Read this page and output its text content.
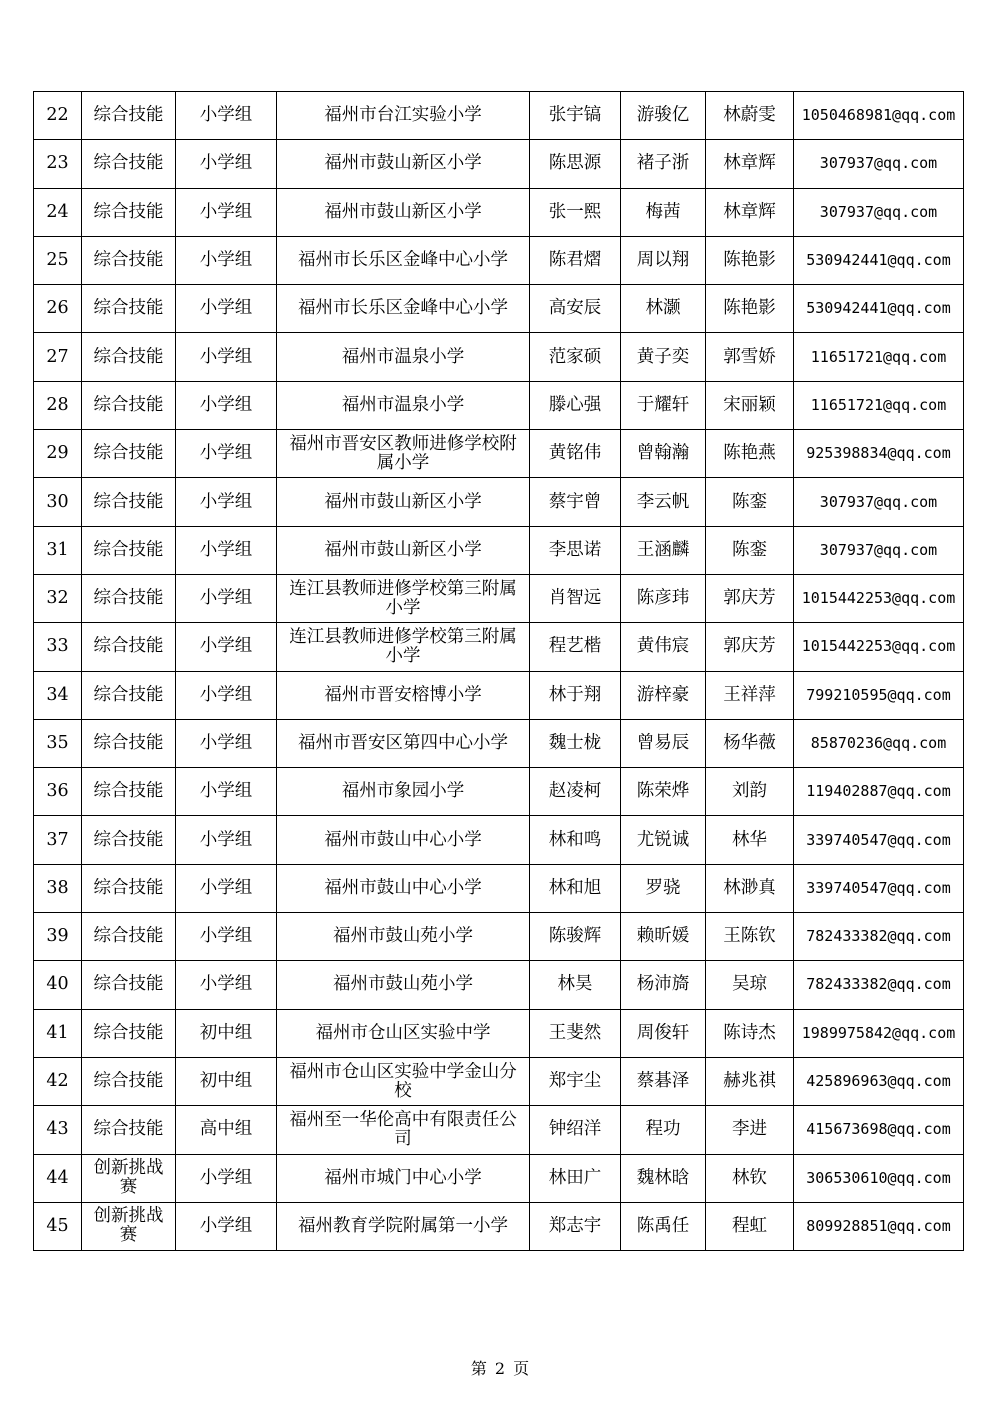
22	综合技能	小学组	福州市台江实验小学	张宇镐	游骏亿	林蔚雯	1050468981@qq.com
23	综合技能	小学组	福州市鼓山新区小学	陈思源	褚子浙	林章辉	307937@qq.com
24	综合技能	小学组	福州市鼓山新区小学	张一熙	梅茜	林章辉	307937@qq.com
25	综合技能	小学组	福州市长乐区金峰中心小学	陈君熠	周以翔	陈艳影	530942441@qq.com
26	综合技能	小学组	福州市长乐区金峰中心小学	高安辰	林灏	陈艳影	530942441@qq.com
27	综合技能	小学组	福州市温泉小学	范家硕	黄子奕	郭雪娇	11651721@qq.com
28	综合技能	小学组	福州市温泉小学	滕心强	于耀轩	宋丽颖	11651721@qq.com
29	综合技能	小学组	福州市晋安区教师进修学校附属小学	黄铭伟	曾翰瀚	陈艳燕	925398834@qq.com
30	综合技能	小学组	福州市鼓山新区小学	蔡宇曾	李云帆	陈銮	307937@qq.com
31	综合技能	小学组	福州市鼓山新区小学	李思诺	王涵麟	陈銮	307937@qq.com
32	综合技能	小学组	连江县教师进修学校第三附属小学	肖智远	陈彦玮	郭庆芳	1015442253@qq.com
33	综合技能	小学组	连江县教师进修学校第三附属小学	程艺楷	黄伟宸	郭庆芳	1015442253@qq.com
34	综合技能	小学组	福州市晋安榕博小学	林于翔	游梓豪	王祥萍	799210595@qq.com
35	综合技能	小学组	福州市晋安区第四中心小学	魏士栊	曾易辰	杨华薇	85870236@qq.com
36	综合技能	小学组	福州市象园小学	赵凌柯	陈荣烨	刘韵	119402887@qq.com
37	综合技能	小学组	福州市鼓山中心小学	林和鸣	尤锐诚	林华	339740547@qq.com
38	综合技能	小学组	福州市鼓山中心小学	林和旭	罗骁	林渺真	339740547@qq.com
39	综合技能	小学组	福州市鼓山苑小学	陈骏辉	赖昕媛	王陈钦	782433382@qq.com
40	综合技能	小学组	福州市鼓山苑小学	林昊	杨沛旖	吴琼	782433382@qq.com
41	综合技能	初中组	福州市仓山区实验中学	王斐然	周俊轩	陈诗杰	1989975842@qq.com
42	综合技能	初中组	福州市仓山区实验中学金山分校	郑宇尘	蔡碁泽	赫兆祺	425896963@qq.com
43	综合技能	高中组	福州至一华伦高中有限责任公司	钟绍洋	程功	李进	415673698@qq.com
44	创新挑战赛	小学组	福州市城门中心小学	林田广	魏林晗	林钦	306530610@qq.com
45	创新挑战赛	小学组	福州教育学院附属第一小学	郑志宇	陈禹任	程虹	809928851@qq.com
第 2 页
